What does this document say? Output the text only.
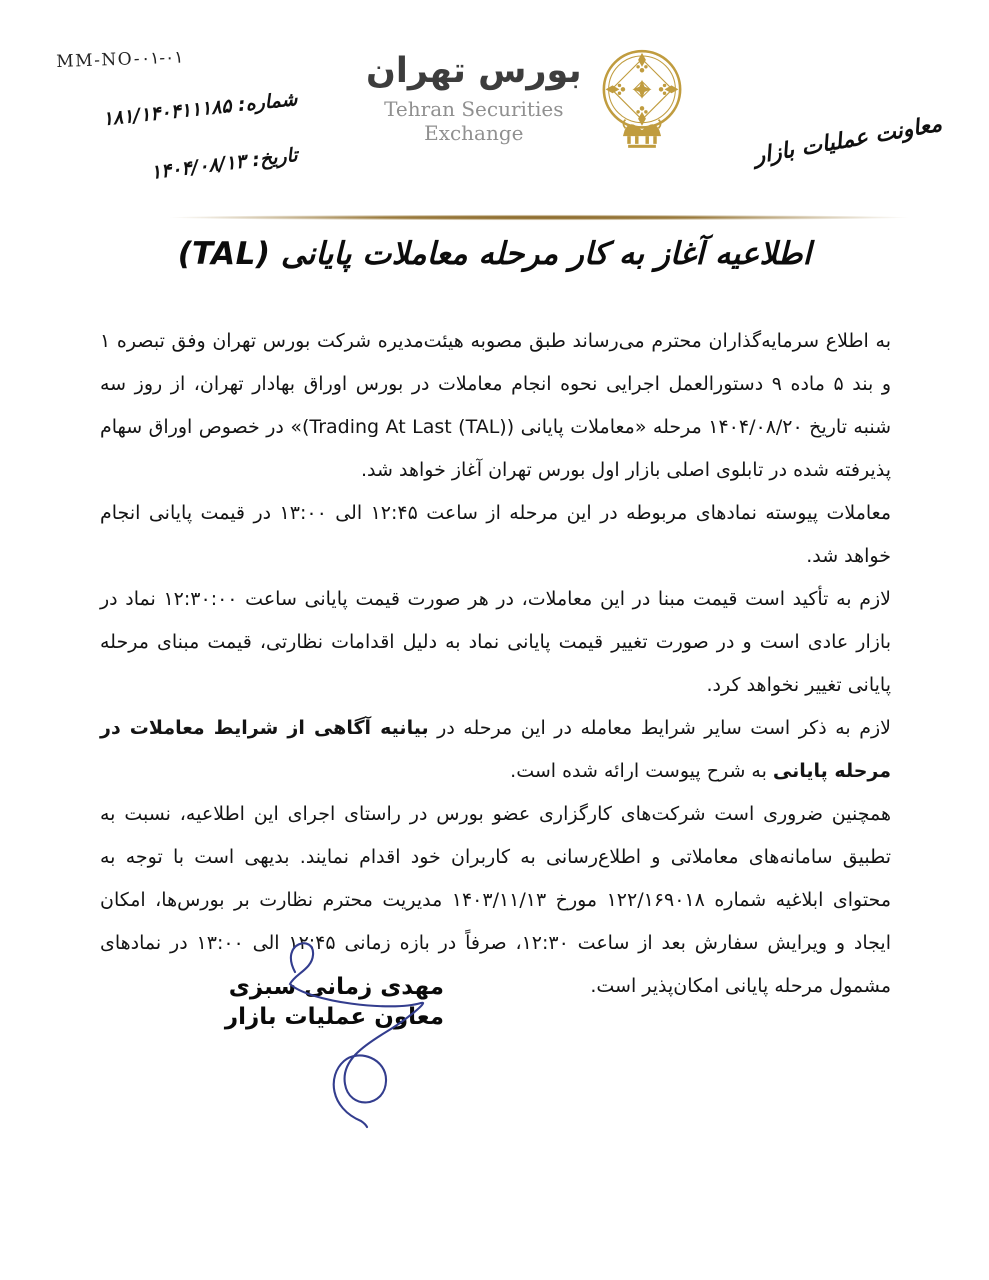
MM-NO-۰۱-۰۱
شماره: ۱۸۱/۱۴۰۴۱۱۱۸۵
تاریخ: ۱۴۰۴/۰۸/۱۳
بورس تهران
Tehran Securities
Exchange	معاونت عملیات بازار
اطلاعیه آغاز به کار مرحله معاملات پایانی (TAL)

به اطلاع سرمایه‌گذاران محترم می‌رساند طبق مصوبه هیئت‌مدیره شرکت بورس تهران وفق تبصره ۱ و بند ۵ ماده ۹ دستورالعمل اجرایی نحوه انجام معاملات در بورس اوراق بهادار تهران، از روز سه شنبه تاریخ ۱۴۰۴/۰۸/۲۰ مرحله «معاملات پایانی (Trading At Last (TAL))» در خصوص اوراق سهام پذیرفته شده در تابلوی اصلی بازار اول بورس تهران آغاز خواهد شد.

معاملات پیوسته نمادهای مربوطه در این مرحله از ساعت ۱۲:۴۵ الی ۱۳:۰۰ در قیمت پایانی انجام خواهد شد.

لازم به تأکید است قیمت مبنا در این معاملات، در هر صورت قیمت پایانی ساعت ۱۲:۳۰:۰۰ نماد در بازار عادی است و در صورت تغییر قیمت پایانی نماد به دلیل اقدامات نظارتی، قیمت مبنای مرحله پایانی تغییر نخواهد کرد.

لازم به ذکر است سایر شرایط معامله در این مرحله در بیانیه آگاهی از شرایط معاملات در مرحله پایانی به شرح پیوست ارائه شده است.

همچنین ضروری است شرکت‌های کارگزاری عضو بورس در راستای اجرای این اطلاعیه، نسبت به تطبیق سامانه‌های معاملاتی و اطلاع‌رسانی به کاربران خود اقدام نمایند. بدیهی است با توجه به محتوای ابلاغیه شماره ۱۲۲/۱۶۹۰۱۸ مورخ ۱۴۰۳/۱۱/۱۳ مدیریت محترم نظارت بر بورس‌ها، امکان ایجاد و ویرایش سفارش بعد از ساعت ۱۲:۳۰، صرفاً در بازه زمانی ۱۲:۴۵ الی ۱۳:۰۰ در نمادهای مشمول مرحله پایانی امکان‌پذیر است.

مهدی زمانی سبزی
معاون عملیات بازار
